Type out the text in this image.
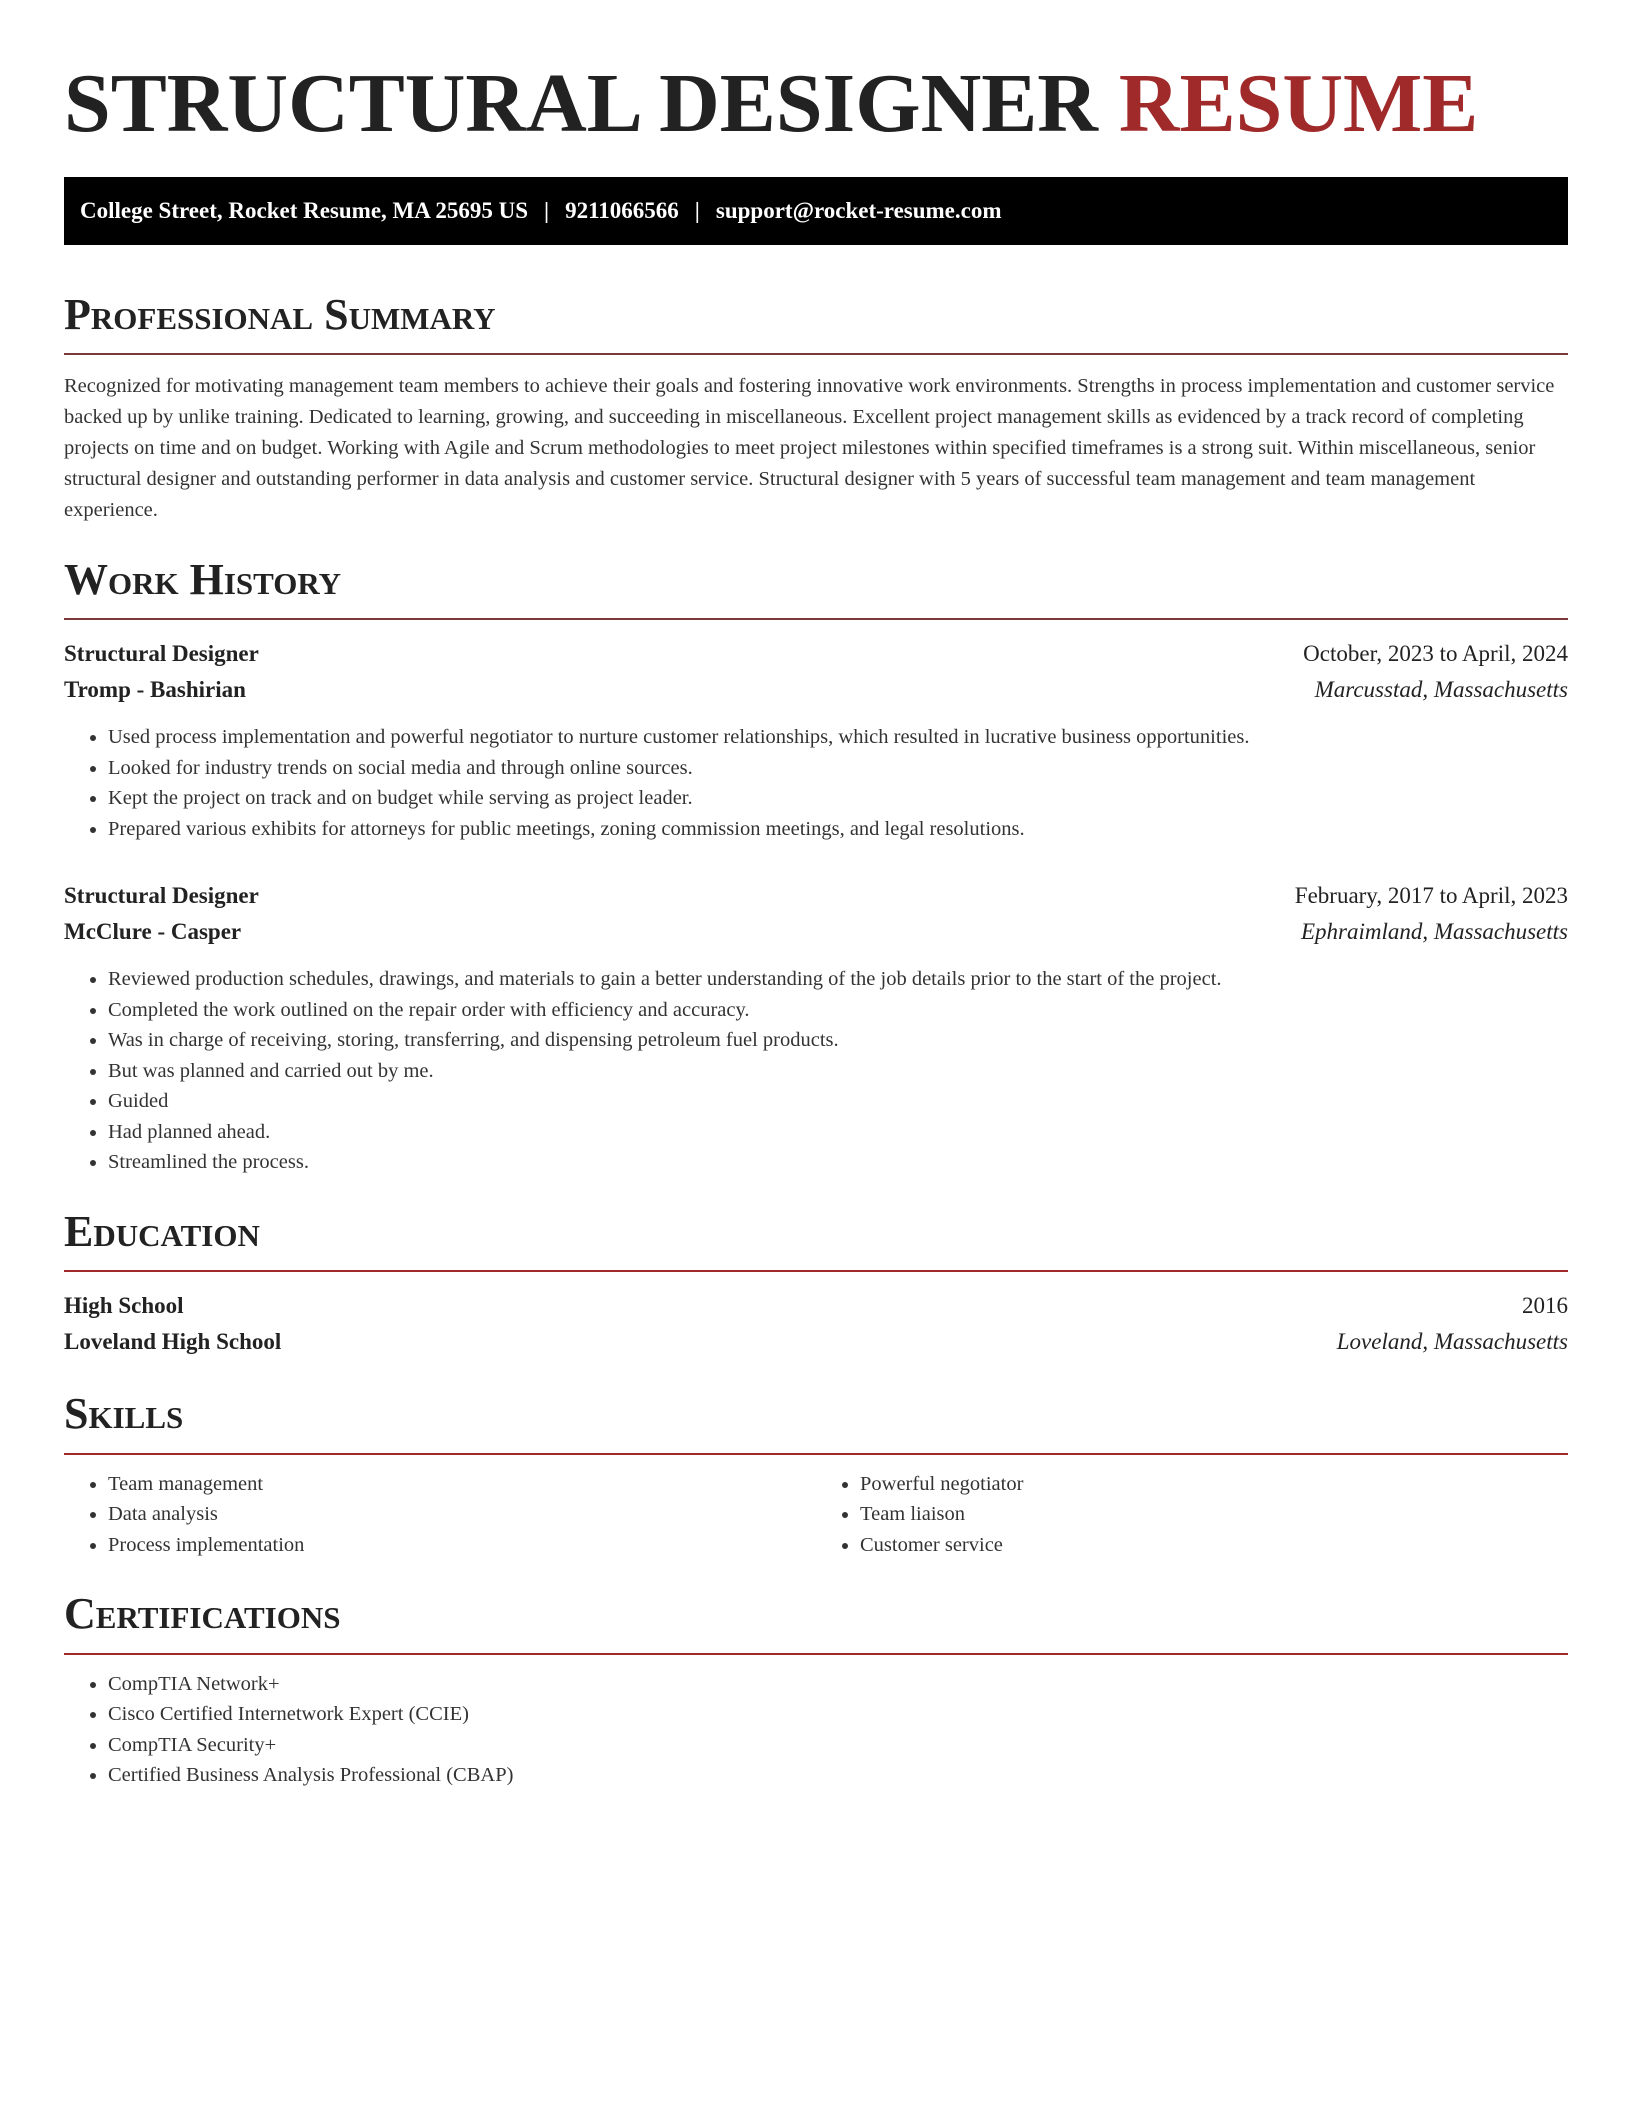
STRUCTURAL DESIGNER RESUME
College Street, Rocket Resume, MA 25695 US | 9211066566 | support@rocket-resume.com
Professional Summary

Recognized for motivating management team members to achieve their goals and fostering innovative work environments. Strengths in process implementation and customer service backed up by unlike training. Dedicated to learning, growing, and succeeding in miscellaneous. Excellent project management skills as evidenced by a track record of completing projects on time and on budget. Working with Agile and Scrum methodologies to meet project milestones within specified timeframes is a strong suit. Within miscellaneous, senior structural designer and outstanding performer in data analysis and customer service. Structural designer with 5 years of successful team management and team management experience.

Work History
Structural Designer	October, 2023 to April, 2024
Tromp - Bashirian	Marcusstad, Massachusetts
• Used process implementation and powerful negotiator to nurture customer relationships, which resulted in lucrative business opportunities.
• Looked for industry trends on social media and through online sources.
• Kept the project on track and on budget while serving as project leader.
• Prepared various exhibits for attorneys for public meetings, zoning commission meetings, and legal resolutions.
Structural Designer	February, 2017 to April, 2023
McClure - Casper	Ephraimland, Massachusetts
• Reviewed production schedules, drawings, and materials to gain a better understanding of the job details prior to the start of the project.
• Completed the work outlined on the repair order with efficiency and accuracy.
• Was in charge of receiving, storing, transferring, and dispensing petroleum fuel products.
• But was planned and carried out by me.
• Guided
• Had planned ahead.
• Streamlined the process.
Education
High School	2016
Loveland High School	Loveland, Massachusetts
Skills
• Team management
• Data analysis
• Process implementation
• Powerful negotiator
• Team liaison
• Customer service
Certifications
• CompTIA Network+
• Cisco Certified Internetwork Expert (CCIE)
• CompTIA Security+
• Certified Business Analysis Professional (CBAP)
